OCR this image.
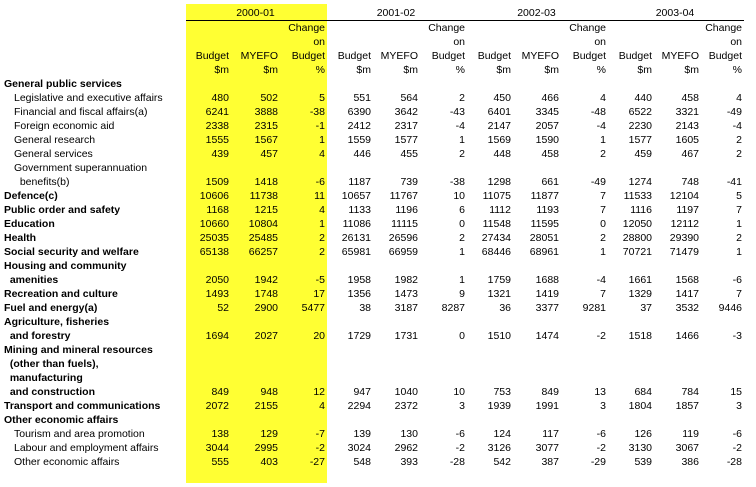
	2000-01			2001-02			2002-03			2003-04		
			Change			Change			Change			Change
			on			on			on			on
	Budget	MYEFO	Budget	Budget	MYEFO	Budget	Budget	MYEFO	Budget	Budget	MYEFO	Budget
	$m	$m	%	$m	$m	%	$m	$m	%	$m	$m	%
General public services												
Legislative and executive affairs	480	502	5	551	564	2	450	466	4	440	458	4
Financial and fiscal affairs(a)	6241	3888	-38	6390	3642	-43	6401	3345	-48	6522	3321	-49
Foreign economic aid	2338	2315	-1	2412	2317	-4	2147	2057	-4	2230	2143	-4
General research	1555	1567	1	1559	1577	1	1569	1590	1	1577	1605	2
General services	439	457	4	446	455	2	448	458	2	459	467	2
Government superannuation												
benefits(b)	1509	1418	-6	1187	739	-38	1298	661	-49	1274	748	-41
Defence(c)	10606	11738	11	10657	11767	10	11075	11877	7	11533	12104	5
Public order and safety	1168	1215	4	1133	1196	6	1112	1193	7	1116	1197	7
Education	10660	10804	1	11086	11115	0	11548	11595	0	12050	12112	1
Health	25035	25485	2	26131	26596	2	27434	28051	2	28800	29390	2
Social security and welfare	65138	66257	2	65981	66959	1	68446	68961	1	70721	71479	1
Housing and community												
amenities	2050	1942	-5	1958	1982	1	1759	1688	-4	1661	1568	-6
Recreation and culture	1493	1748	17	1356	1473	9	1321	1419	7	1329	1417	7
Fuel and energy(a)	52	2900	5477	38	3187	8287	36	3377	9281	37	3532	9446
Agriculture, fisheries												
and forestry	1694	2027	20	1729	1731	0	1510	1474	-2	1518	1466	-3
Mining and mineral resources												
(other than fuels),												
manufacturing												
and construction	849	948	12	947	1040	10	753	849	13	684	784	15
Transport and communications	2072	2155	4	2294	2372	3	1939	1991	3	1804	1857	3
Other economic affairs												
Tourism and area promotion	138	129	-7	139	130	-6	124	117	-6	126	119	-6
Labour and employment affairs	3044	2995	-2	3024	2962	-2	3126	3077	-2	3130	3067	-2
Other economic affairs	555	403	-27	548	393	-28	542	387	-29	539	386	-28
